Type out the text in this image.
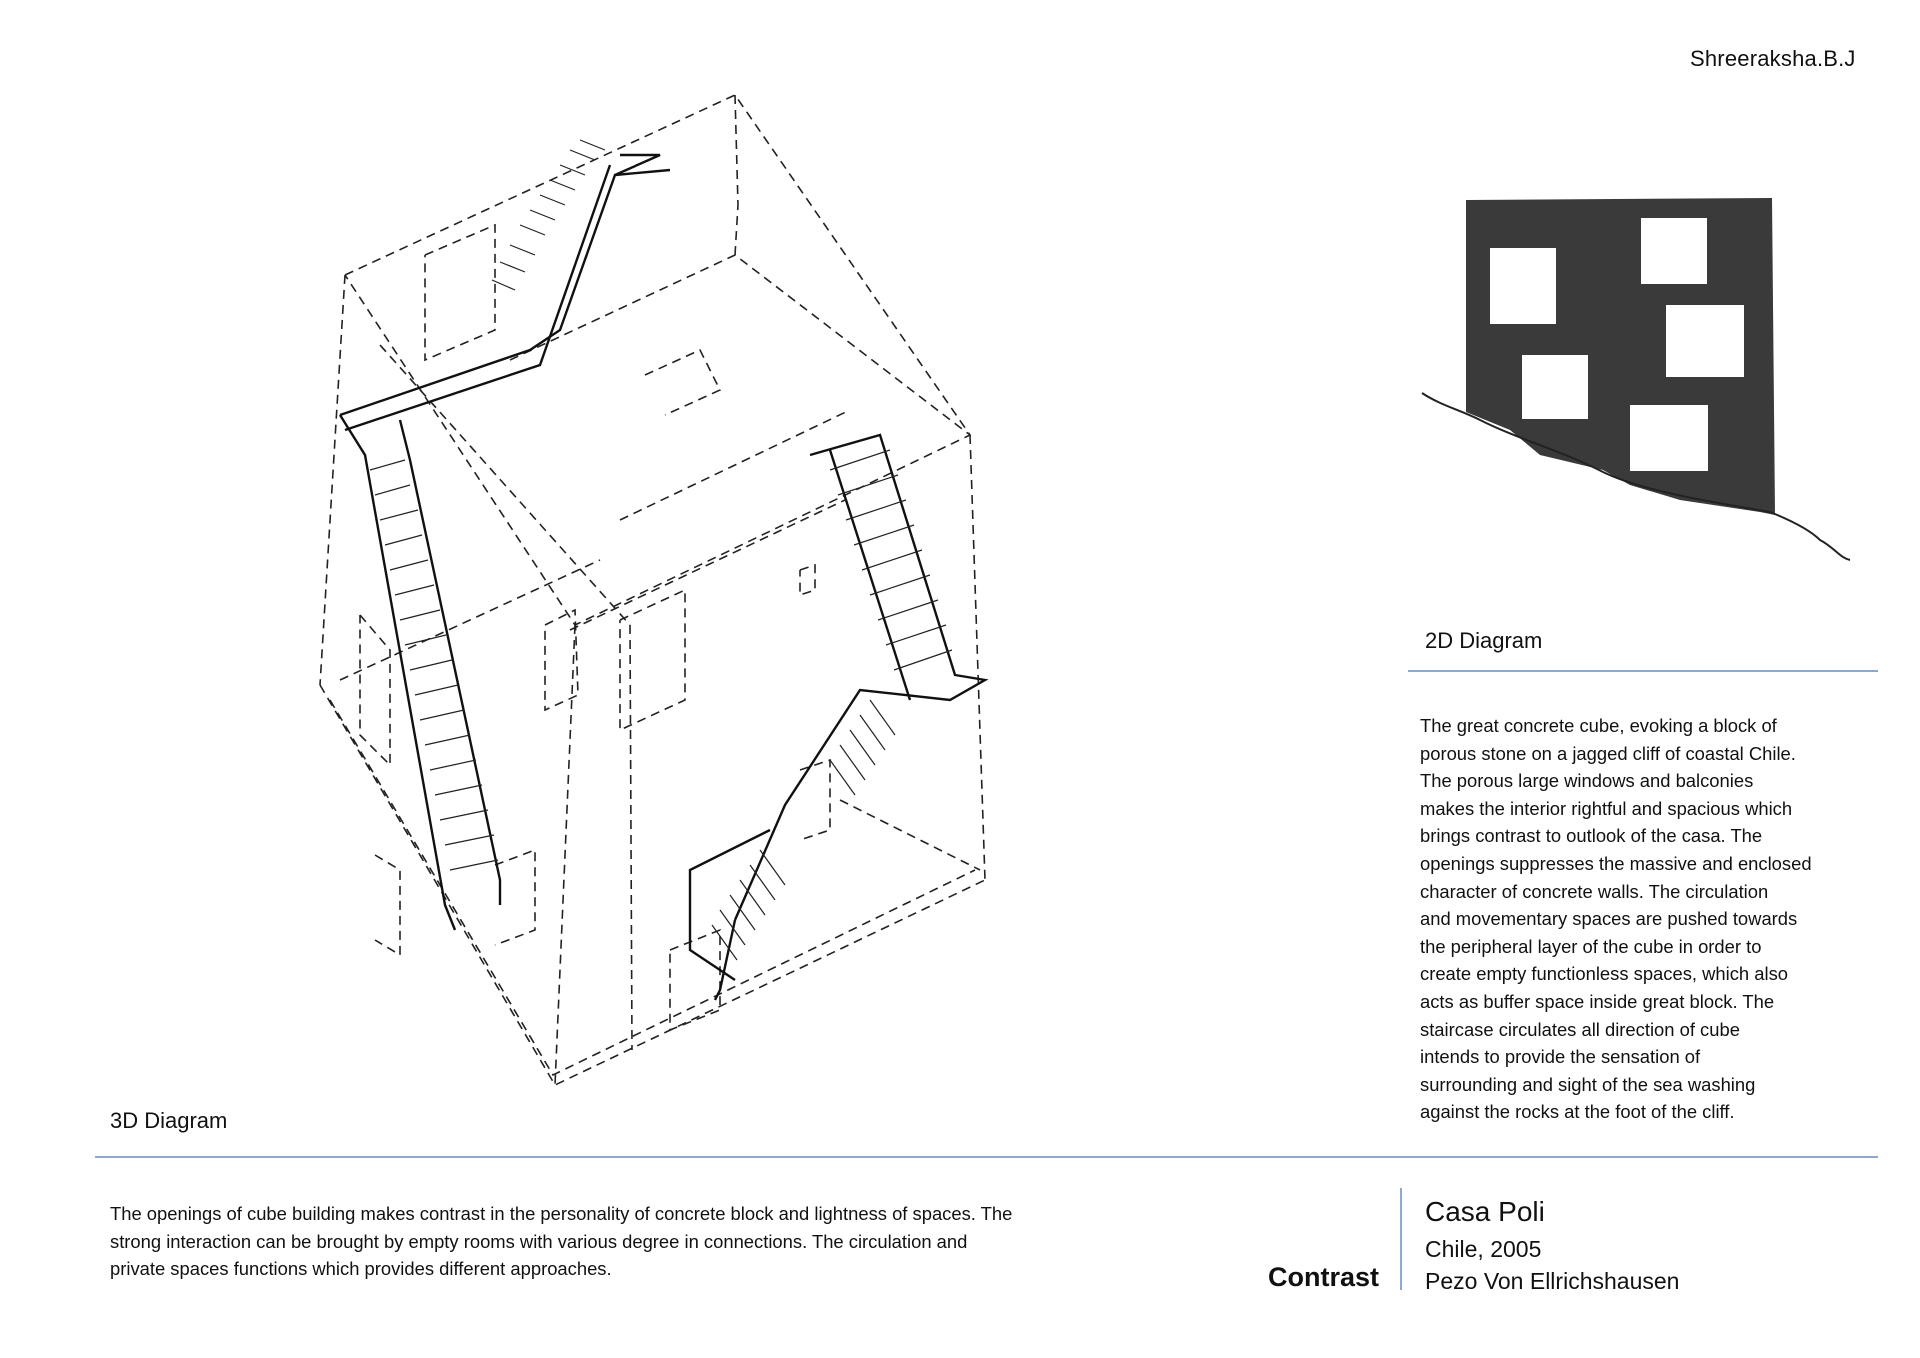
Shreeraksha.B.J
2D Diagram

The great concrete cube, evoking a block of

porous stone on a jagged cliff of coastal Chile.

The porous large windows and balconies

makes the interior rightful and spacious which

brings contrast to outlook of the casa. The

openings suppresses the massive and enclosed

character of concrete walls. The circulation

and movementary spaces are pushed towards

the peripheral layer of the cube in order to

create empty functionless spaces, which also

acts as buffer space inside great block. The

staircase circulates all direction of cube

intends to provide the sensation of

surrounding and sight of the sea washing

against the rocks at the foot of the cliff.

3D Diagram

The openings of cube building makes contrast in the personality of concrete block and lightness of spaces. The

strong interaction can be brought by empty rooms with various degree in connections. The circulation and

private spaces functions which provides different approaches.	Contrast
Casa Poli
Chile, 2005
Pezo Von Ellrichshausen
